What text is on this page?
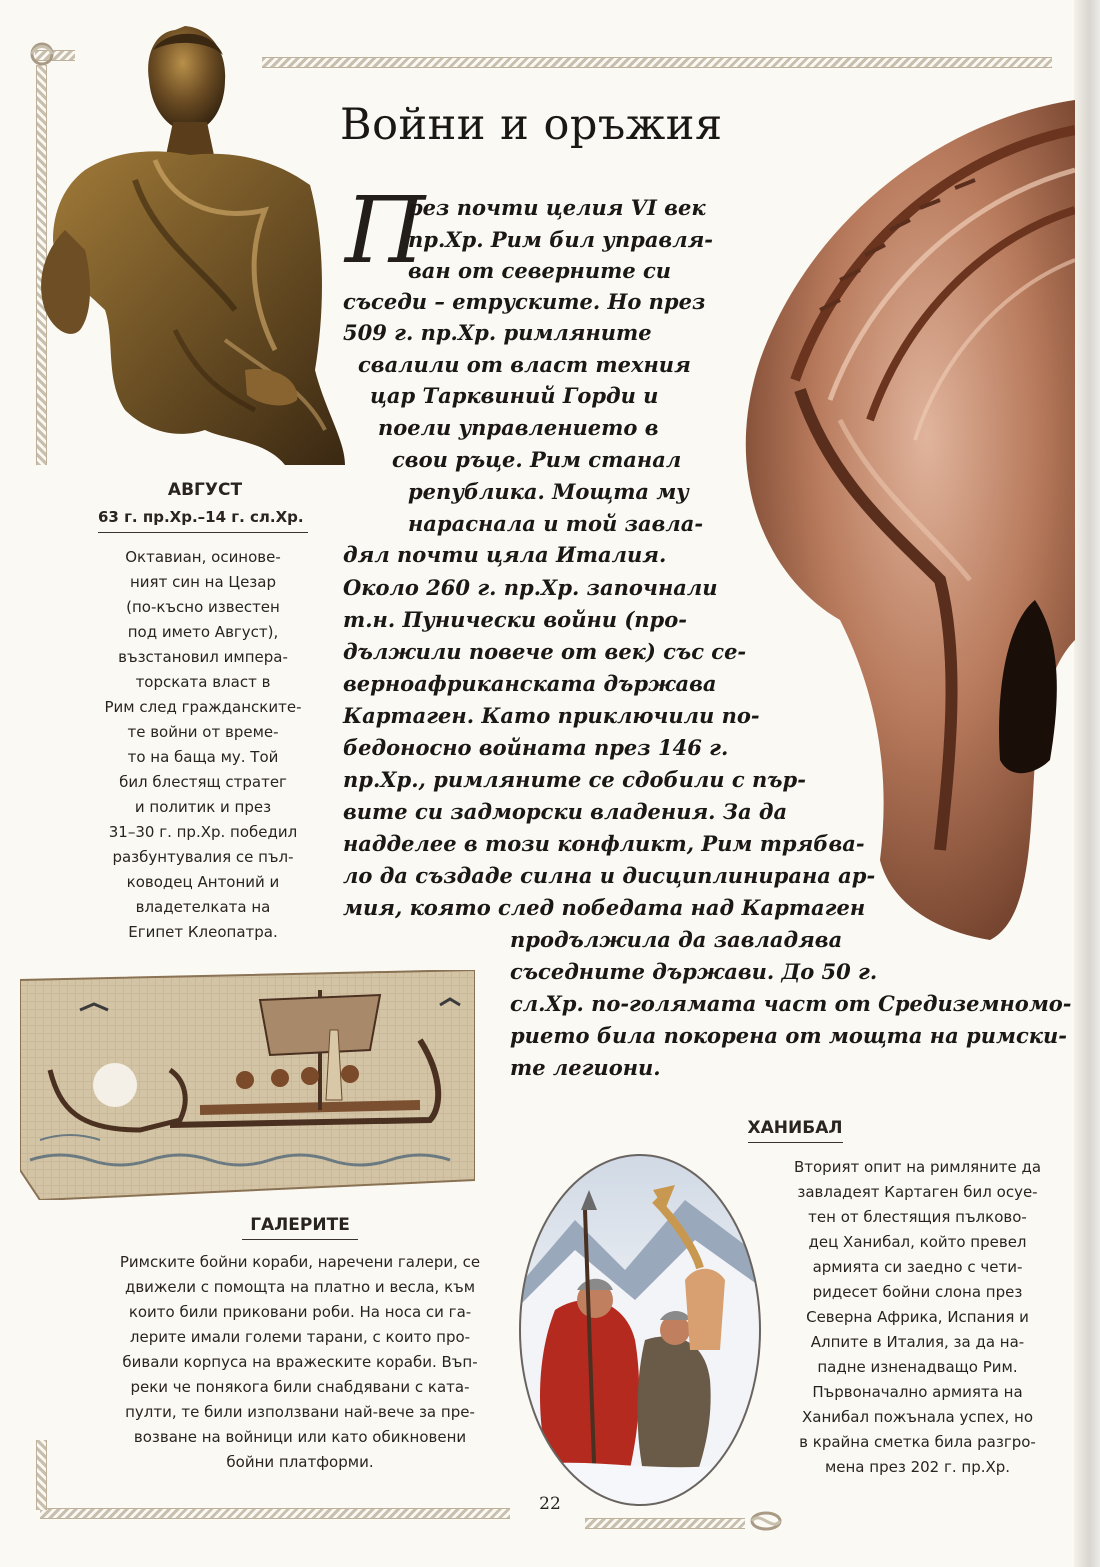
Войни и оръжия
П
рез почти целия VI век
пр.Хр. Рим бил управля-
ван от северните си
съседи – етруските. Но през
509 г. пр.Хр. римляните
свалили от власт техния
цар Тарквиний Горди и
поели управлението в
свои ръце. Рим станал
република. Мощта му
нараснала и той завла-
дял почти цяла Италия.
Около 260 г. пр.Хр. започнали
т.н. Пунически войни (про-
дължили повече от век) със се-
верноафриканската държава
Картаген. Като приключили по-
бедоносно войната през 146 г.
пр.Хр., римляните се сдобили с пър-
вите си задморски владения. За да
надделее в този конфликт, Рим трябва-
ло да създаде силна и дисциплинирана ар-
мия, която след победата над Картаген
продължила да завладява
съседните държави. До 50 г.
сл.Хр. по-голямата част от Средиземномо-
рието била покорена от мощта на римски-
те легиони.
АВГУСТ
63 г. пр.Хр.–14 г. сл.Хр.
Октавиан, осинове-
ният син на Цезар
(по-късно известен
под името Август),
възстановил импера-
торската власт в
Рим след гражданските-
те войни от време-
то на баща му. Той
бил блестящ стратег
и политик и през
31–30 г. пр.Хр. победил
разбунтувалия се пъл-
ководец Антоний и
владетелката на
Египет Клеопатра.
ГАЛЕРИТЕ
Римските бойни кораби, наречени галери, се
движели с помощта на платно и весла, към
които били приковани роби. На носа си га-
лерите имали големи тарани, с които про-
бивали корпуса на вражеските кораби. Въп-
реки че понякога били снабдявани с ката-
пулти, те били използвани най-вече за пре-
возване на войници или като обикновени
бойни платформи.
ХАНИБАЛ
Вторият опит на римляните да
завладеят Картаген бил осуе-
тен от блестящия пълково-
дец Ханибал, който превел
армията си заедно с чети-
ридесет бойни слона през
Северна Африка, Испания и
Алпите в Италия, за да на-
падне изненадващо Рим.
Първоначално армията на
Ханибал пожънала успех, но
в крайна сметка била разгро-
мена през 202 г. пр.Хр.
22
